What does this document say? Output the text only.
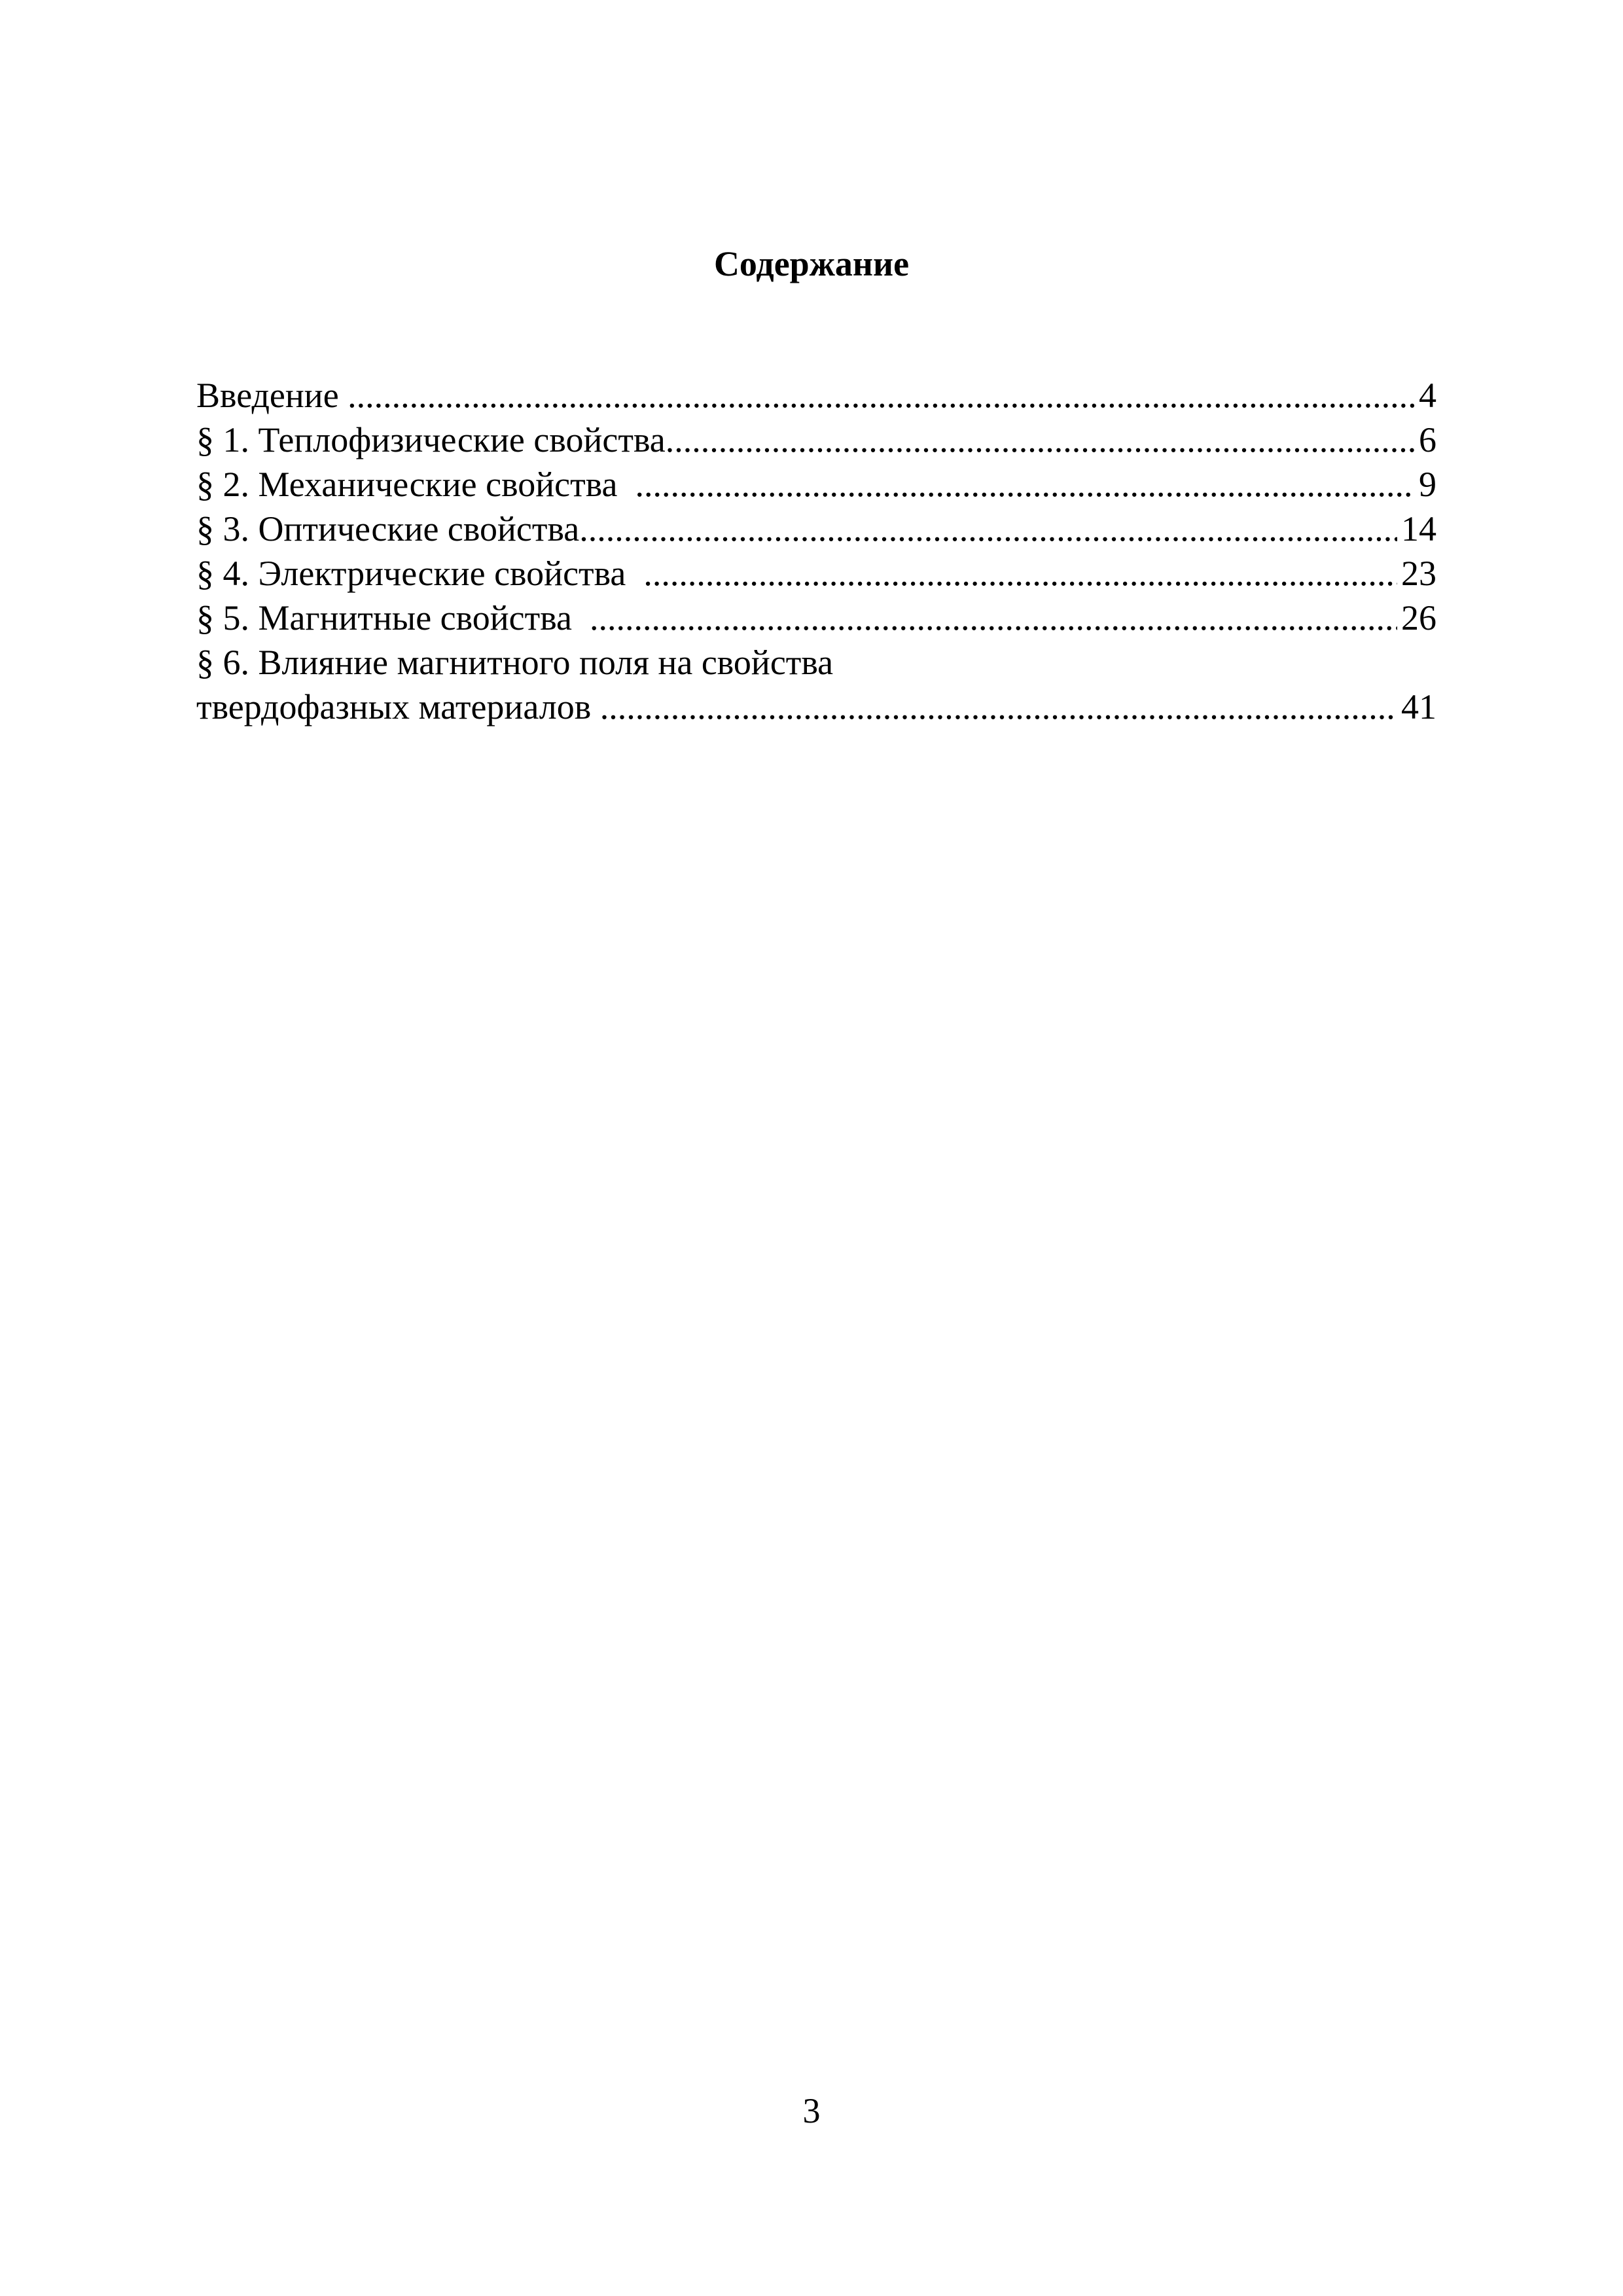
Содержание
Введение .....	4
§ 1. Теплофизические свойства .....	6
§ 2. Механические свойства .....	9
§ 3. Оптические свойства .....	14
§ 4. Электрические свойства .....	23
§ 5. Магнитные свойства .....	26
§ 6. Влияние магнитного поля на свойства
твердофазных материалов .....	41
3
